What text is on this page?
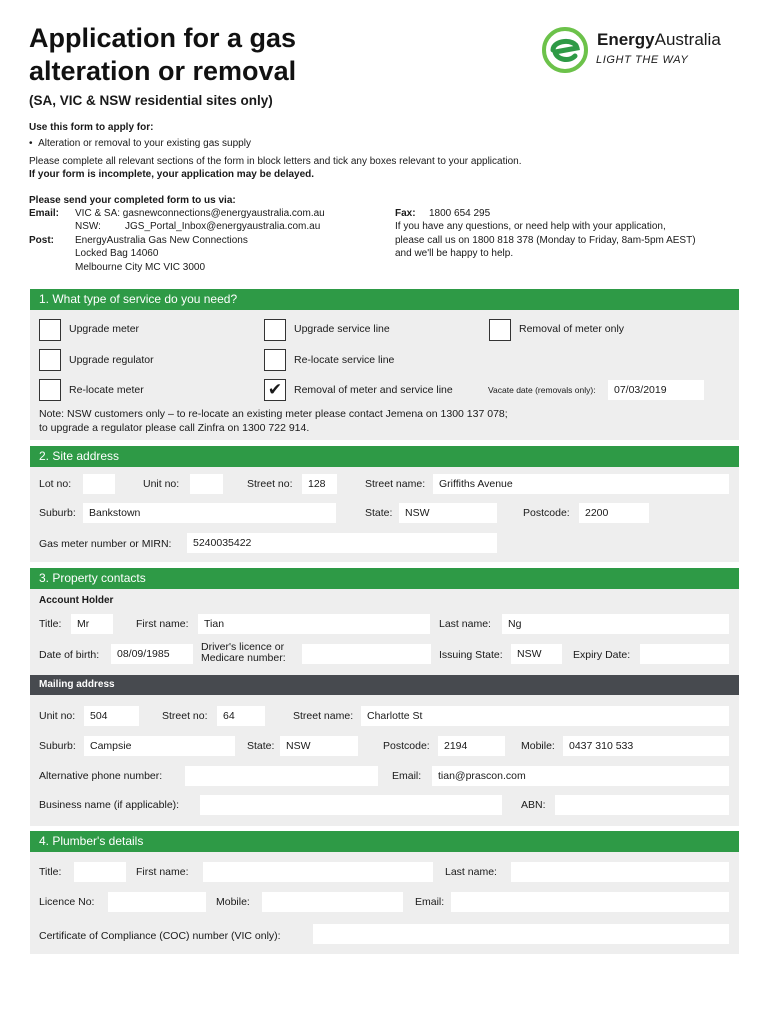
Application for a gas
alteration or removal
(SA, VIC & NSW residential sites only)
EnergyAustralia
LIGHT THE WAY
Use this form to apply for:
•  Alteration or removal to your existing gas supply
Please complete all relevant sections of the form in block letters and tick any boxes relevant to your application.
If your form is incomplete, your application may be delayed.
Please send your completed form to us via:
Email: VIC & SA: gasnewconnections@energyaustralia.com.au
NSW: JGS_Portal_Inbox@energyaustralia.com.au
Post: EnergyAustralia Gas New Connections
Locked Bag 14060
Melbourne City MC VIC 3000
Fax: 1800 654 295
If you have any questions, or need help with your application,
please call us on 1800 818 378 (Monday to Friday, 8am-5pm AEST)
and we'll be happy to help.
1. What type of service do you need?
Upgrade meter	Upgrade service line	Removal of meter only
Upgrade regulator	Re-locate service line
Re-locate meter	✔	Removal of meter and service line	Vacate date (removals only):	07/03/2019
Note: NSW customers only – to re-locate an existing meter please contact Jemena on 1300 137 078;
to upgrade a regulator please call Zinfra on 1300 722 914.
2. Site address
Lot no:	Unit no:	Street no:	128	Street name:	Griffiths Avenue
Suburb:	Bankstown	State:	NSW	Postcode:	2200
Gas meter number or MIRN:	5240035422
3. Property contacts
Account Holder
Title:	Mr	First name:	Tian	Last name:	Ng
Date of birth:	08/09/1985
Driver's licence or
Medicare number:	Issuing State:	NSW	Expiry Date:
Mailing address
Unit no:	504	Street no:	64	Street name:	Charlotte St
Suburb:	Campsie	State:	NSW	Postcode:	2194	Mobile:	0437 310 533
Alternative phone number:	Email:	tian@prascon.com
Business name (if applicable):	ABN:
4. Plumber's details
Title:	First name:	Last name:
Licence No:	Mobile:	Email:
Certificate of Compliance (COC) number (VIC only):
